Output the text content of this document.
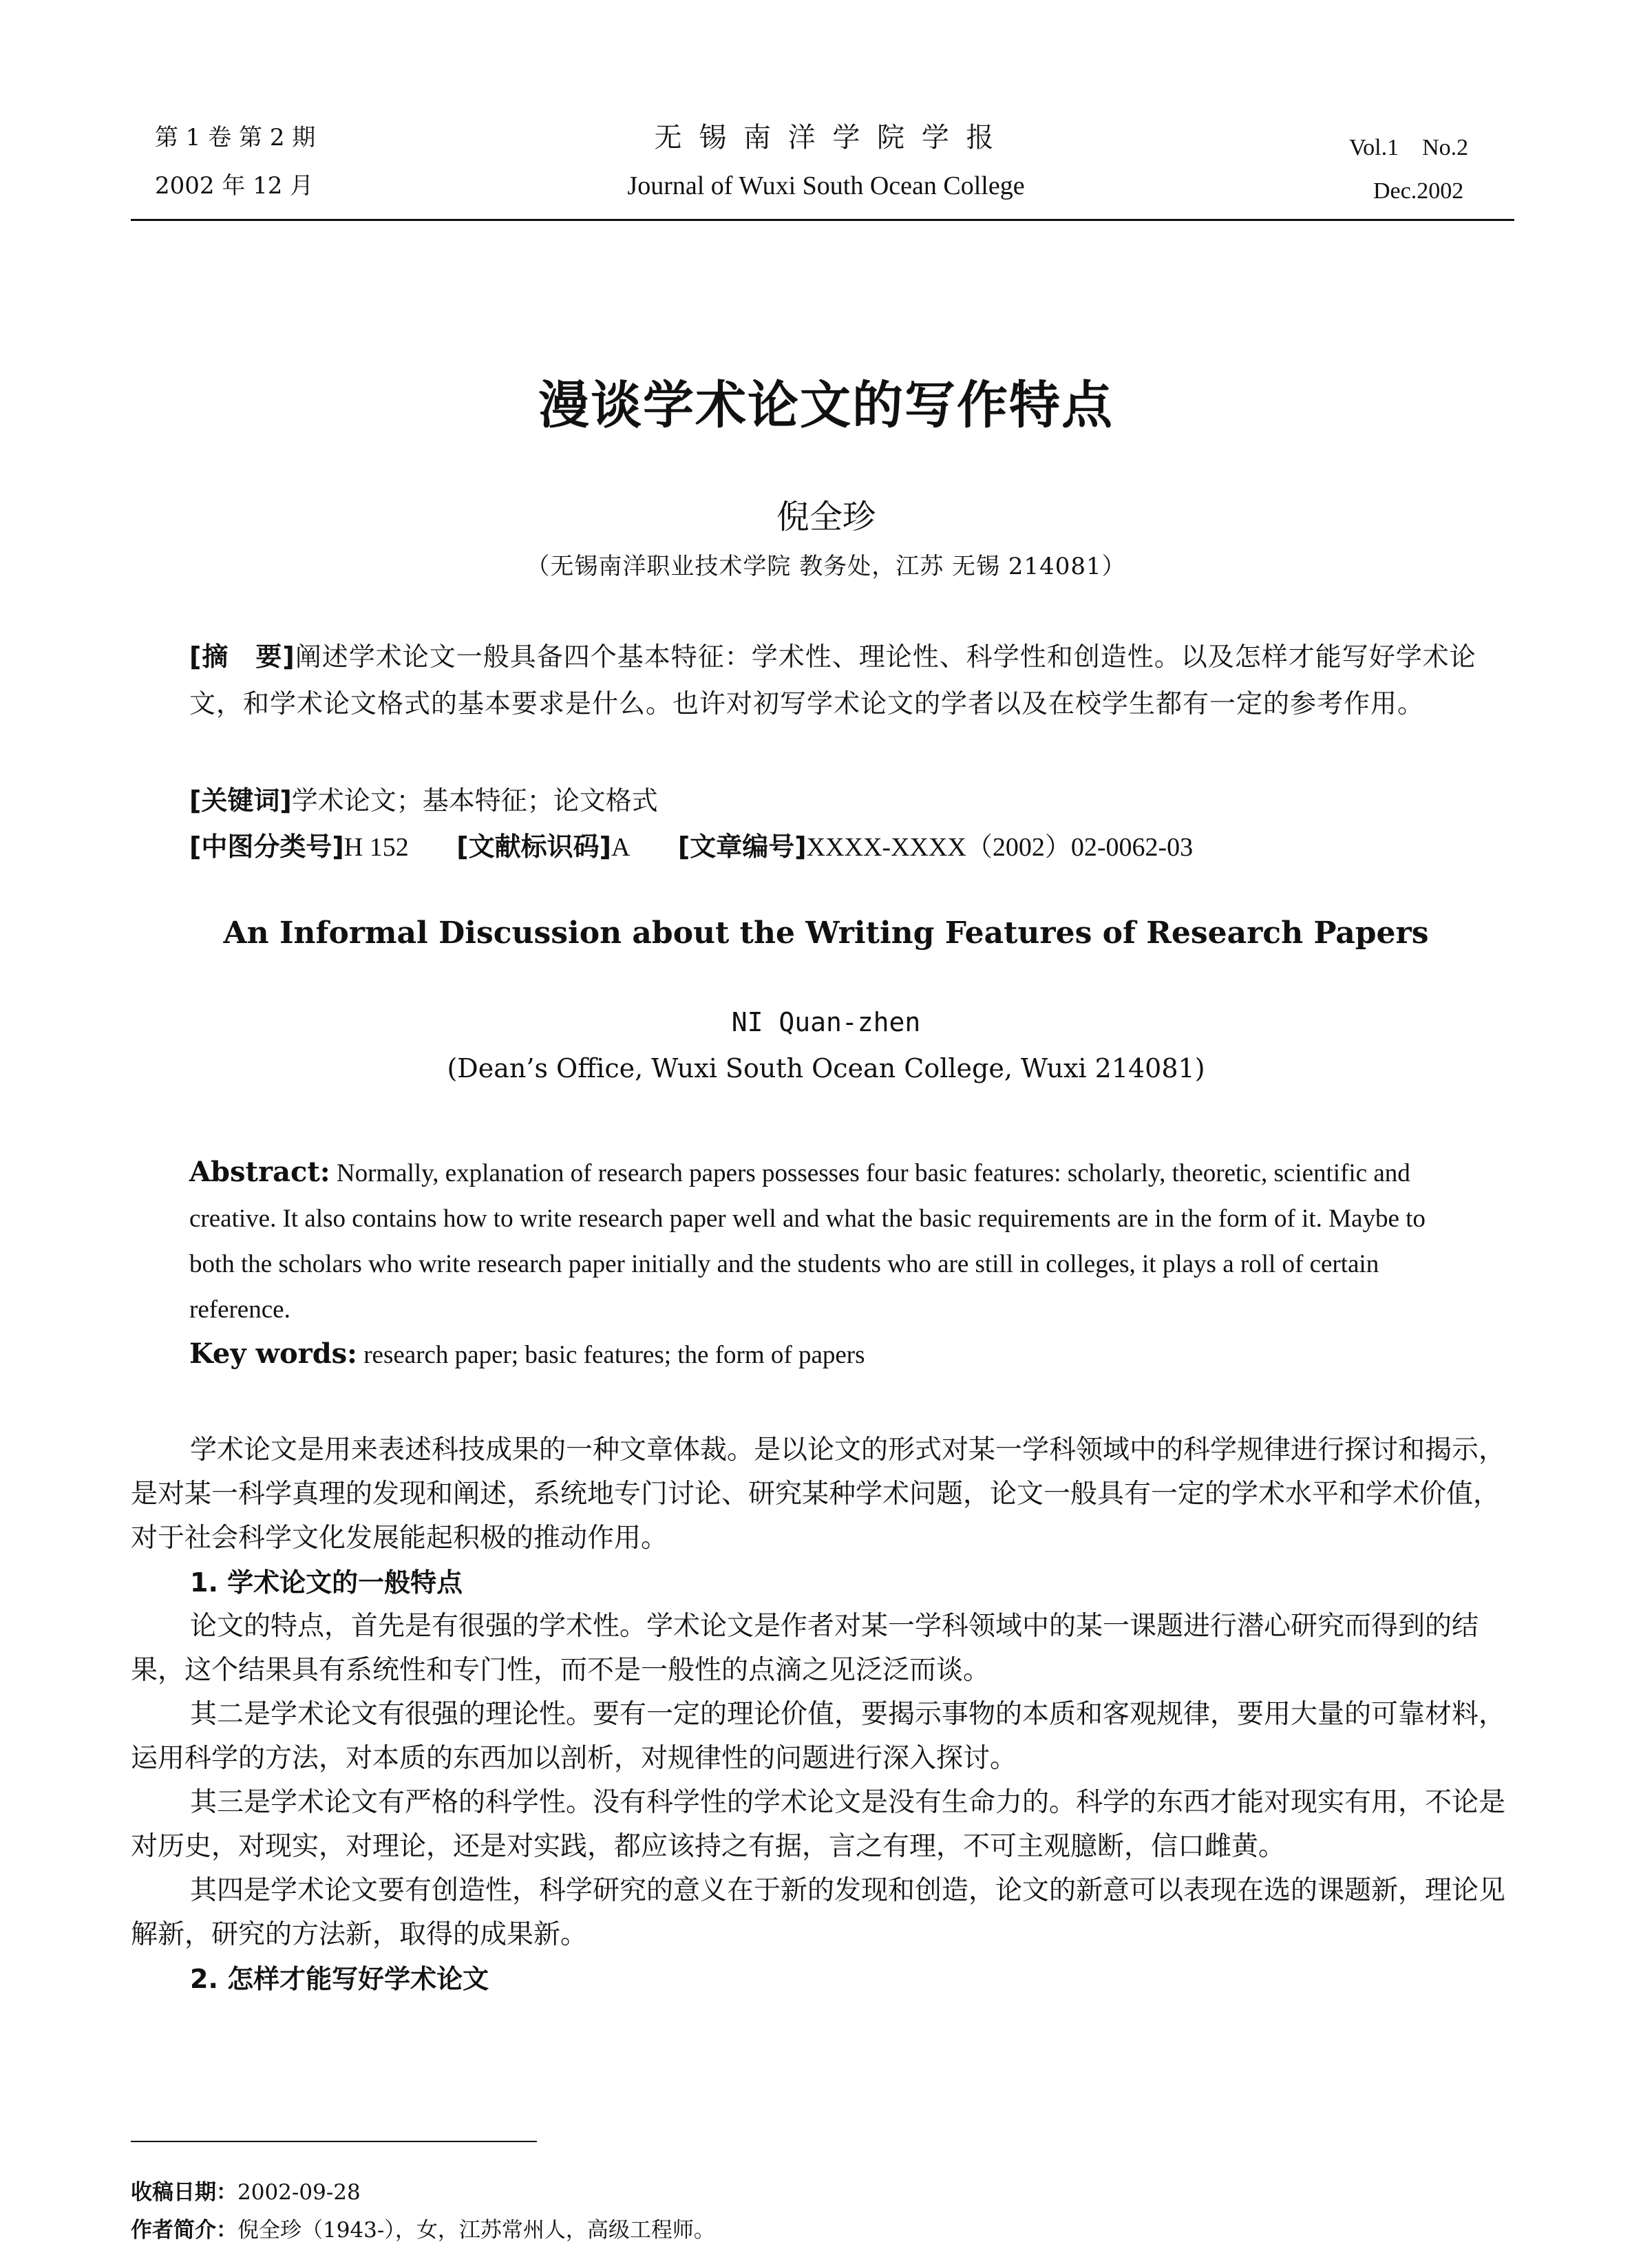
第 1 卷 第 2 期
2002 年 12 月
无 锡 南 洋 学 院 学 报
Journal of Wuxi South Ocean College
Vol.1    No.2
Dec.2002
漫谈学术论文的写作特点
倪全珍
（无锡南洋职业技术学院 教务处，江苏 无锡 214081）
[摘　要]阐述学术论文一般具备四个基本特征：学术性、理论性、科学性和创造性。以及怎样才能写好学术论文，和学术论文格式的基本要求是什么。也许对初写学术论文的学者以及在校学生都有一定的参考作用。
[关键词]学术论文；基本特征；论文格式
[中图分类号]H 152 [文献标识码]A [文章编号]XXXX-XXXX（2002）02-0062-03
An Informal Discussion about the Writing Features of Research Papers
NI Quan-zhen
(Dean’s Office, Wuxi South Ocean College, Wuxi 214081)
Abstract: Normally, explanation of research papers possesses four basic features: scholarly, theoretic, scientific and creative. It also contains how to write research paper well and what the basic requirements are in the form of it. Maybe to both the scholars who write research paper initially and the students who are still in colleges, it plays a roll of certain reference.
Key words: research paper; basic features; the form of papers

学术论文是用来表述科技成果的一种文章体裁。是以论文的形式对某一学科领域中的科学规律进行探讨和揭示，是对某一科学真理的发现和阐述，系统地专门讨论、研究某种学术问题，论文一般具有一定的学术水平和学术价值，对于社会科学文化发展能起积极的推动作用。

1. 学术论文的一般特点

论文的特点，首先是有很强的学术性。学术论文是作者对某一学科领域中的某一课题进行潜心研究而得到的结果，这个结果具有系统性和专门性，而不是一般性的点滴之见泛泛而谈。

其二是学术论文有很强的理论性。要有一定的理论价值，要揭示事物的本质和客观规律，要用大量的可靠材料，运用科学的方法，对本质的东西加以剖析，对规律性的问题进行深入探讨。

其三是学术论文有严格的科学性。没有科学性的学术论文是没有生命力的。科学的东西才能对现实有用，不论是对历史，对现实，对理论，还是对实践，都应该持之有据，言之有理，不可主观臆断，信口雌黄。

其四是学术论文要有创造性，科学研究的意义在于新的发现和创造，论文的新意可以表现在选的课题新，理论见解新，研究的方法新，取得的成果新。

2. 怎样才能写好学术论文

收稿日期：2002-09-28
作者简介：倪全珍（1943-），女，江苏常州人，高级工程师。
